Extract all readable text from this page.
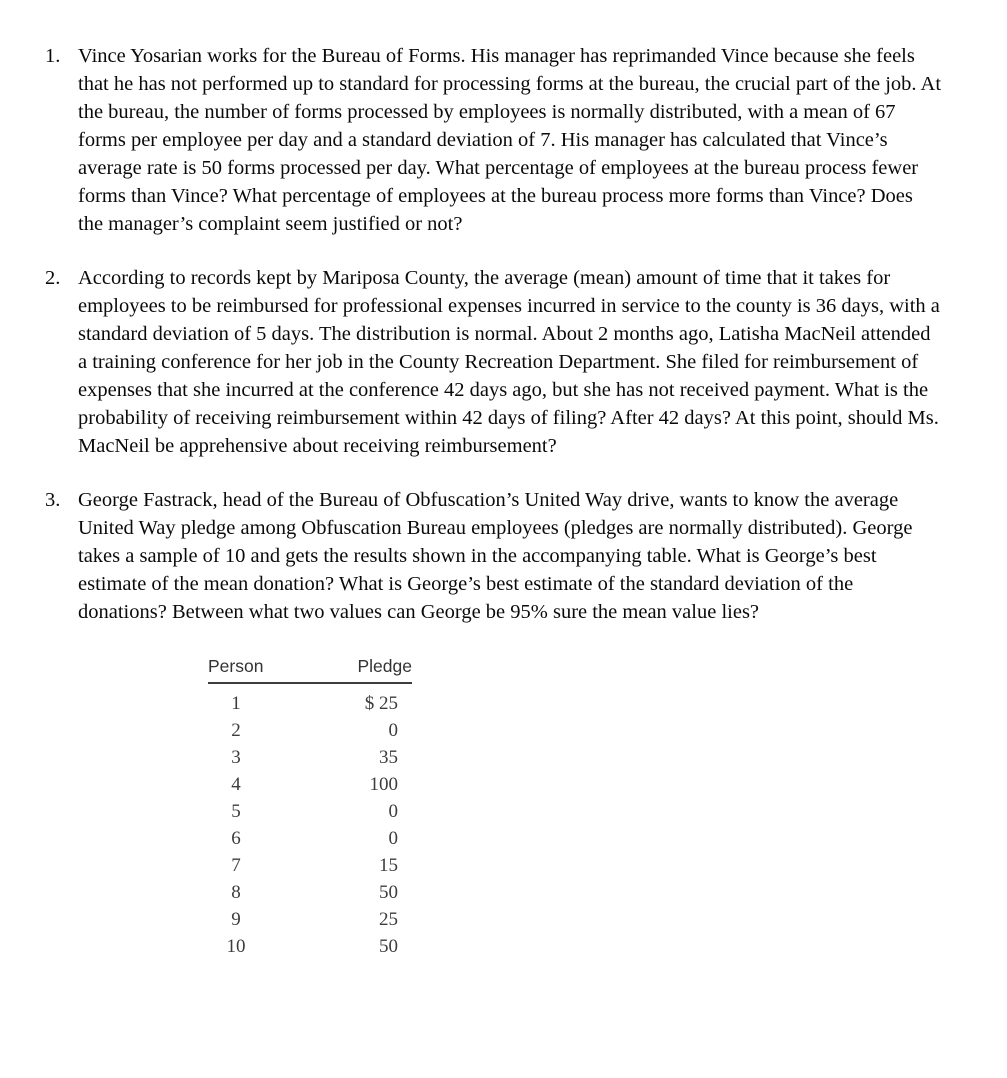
1. Vince Yosarian works for the Bureau of Forms. His manager has reprimanded Vince because she feels that he has not performed up to standard for processing forms at the bureau, the crucial part of the job. At the bureau, the number of forms processed by employees is normally distributed, with a mean of 67 forms per employee per day and a standard deviation of 7. His manager has calculated that Vince’s average rate is 50 forms processed per day. What percentage of employees at the bureau process fewer forms than Vince? What percentage of employees at the bureau process more forms than Vince? Does the manager’s complaint seem justified or not?
2. According to records kept by Mariposa County, the average (mean) amount of time that it takes for employees to be reimbursed for professional expenses incurred in service to the county is 36 days, with a standard deviation of 5 days. The distribution is normal. About 2 months ago, Latisha MacNeil attended a training conference for her job in the County Recreation Department. She filed for reimbursement of expenses that she incurred at the conference 42 days ago, but she has not received payment. What is the probability of receiving reimbursement within 42 days of filing? After 42 days? At this point, should Ms. MacNeil be apprehensive about receiving reimbursement?
3. George Fastrack, head of the Bureau of Obfuscation’s United Way drive, wants to know the average United Way pledge among Obfuscation Bureau employees (pledges are normally distributed). George takes a sample of 10 and gets the results shown in the accompanying table. What is George’s best estimate of the mean donation? What is George’s best estimate of the standard deviation of the donations? Between what two values can George be 95% sure the mean value lies?
Person	Pledge
1	$ 25
2	0
3	35
4	100
5	0
6	0
7	15
8	50
9	25
10	50
